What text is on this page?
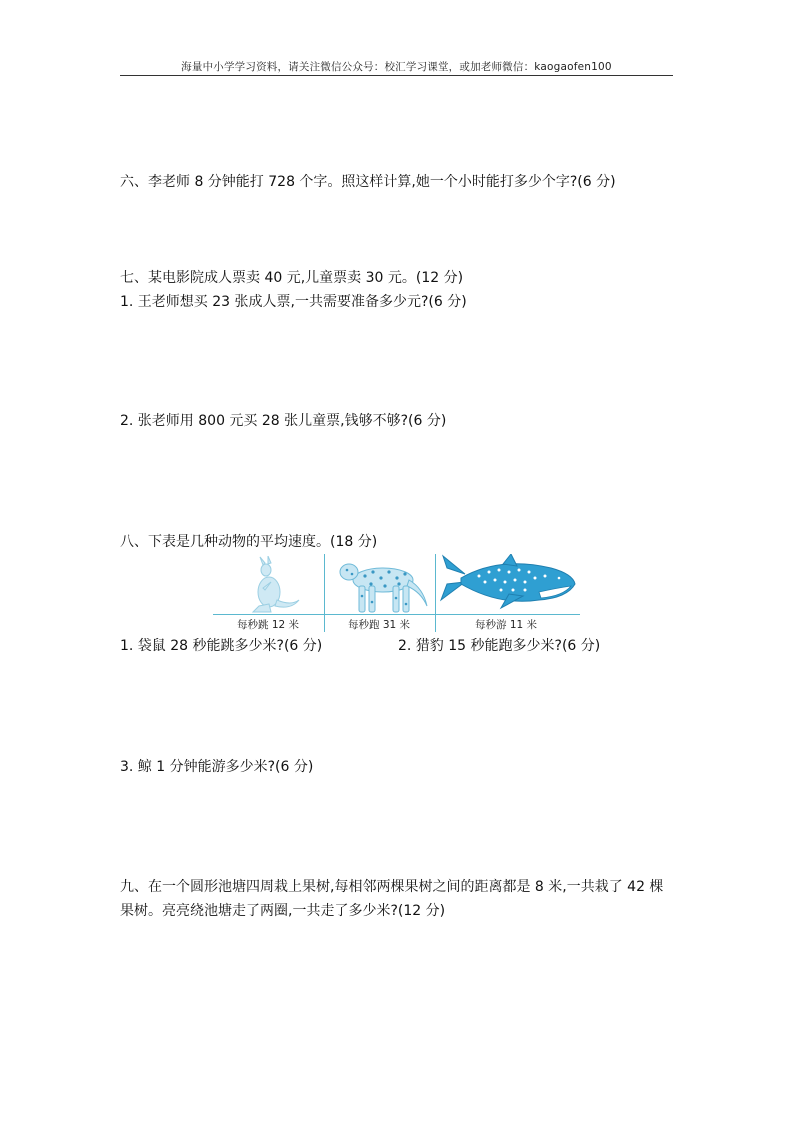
海量中小学学习资料，请关注微信公众号：校汇学习课堂，或加老师微信：kaogaofen100
六、李老师 8 分钟能打 728 个字。照这样计算,她一个小时能打多少个字?(6 分)
七、某电影院成人票卖 40 元,儿童票卖 30 元。(12 分)
1. 王老师想买 23 张成人票,一共需要准备多少元?(6 分)
2. 张老师用 800 元买 28 张儿童票,钱够不够?(6 分)
八、下表是几种动物的平均速度。(18 分)
每秒跳 12 米	每秒跑 31 米	每秒游 11 米
1. 袋鼠 28 秒能跳多少米?(6 分)	2. 猎豹 15 秒能跑多少米?(6 分)
3. 鲸 1 分钟能游多少米?(6 分)
九、在一个圆形池塘四周栽上果树,每相邻两棵果树之间的距离都是 8 米,一共栽了 42 棵果树。亮亮绕池塘走了两圈,一共走了多少米?(12 分)
